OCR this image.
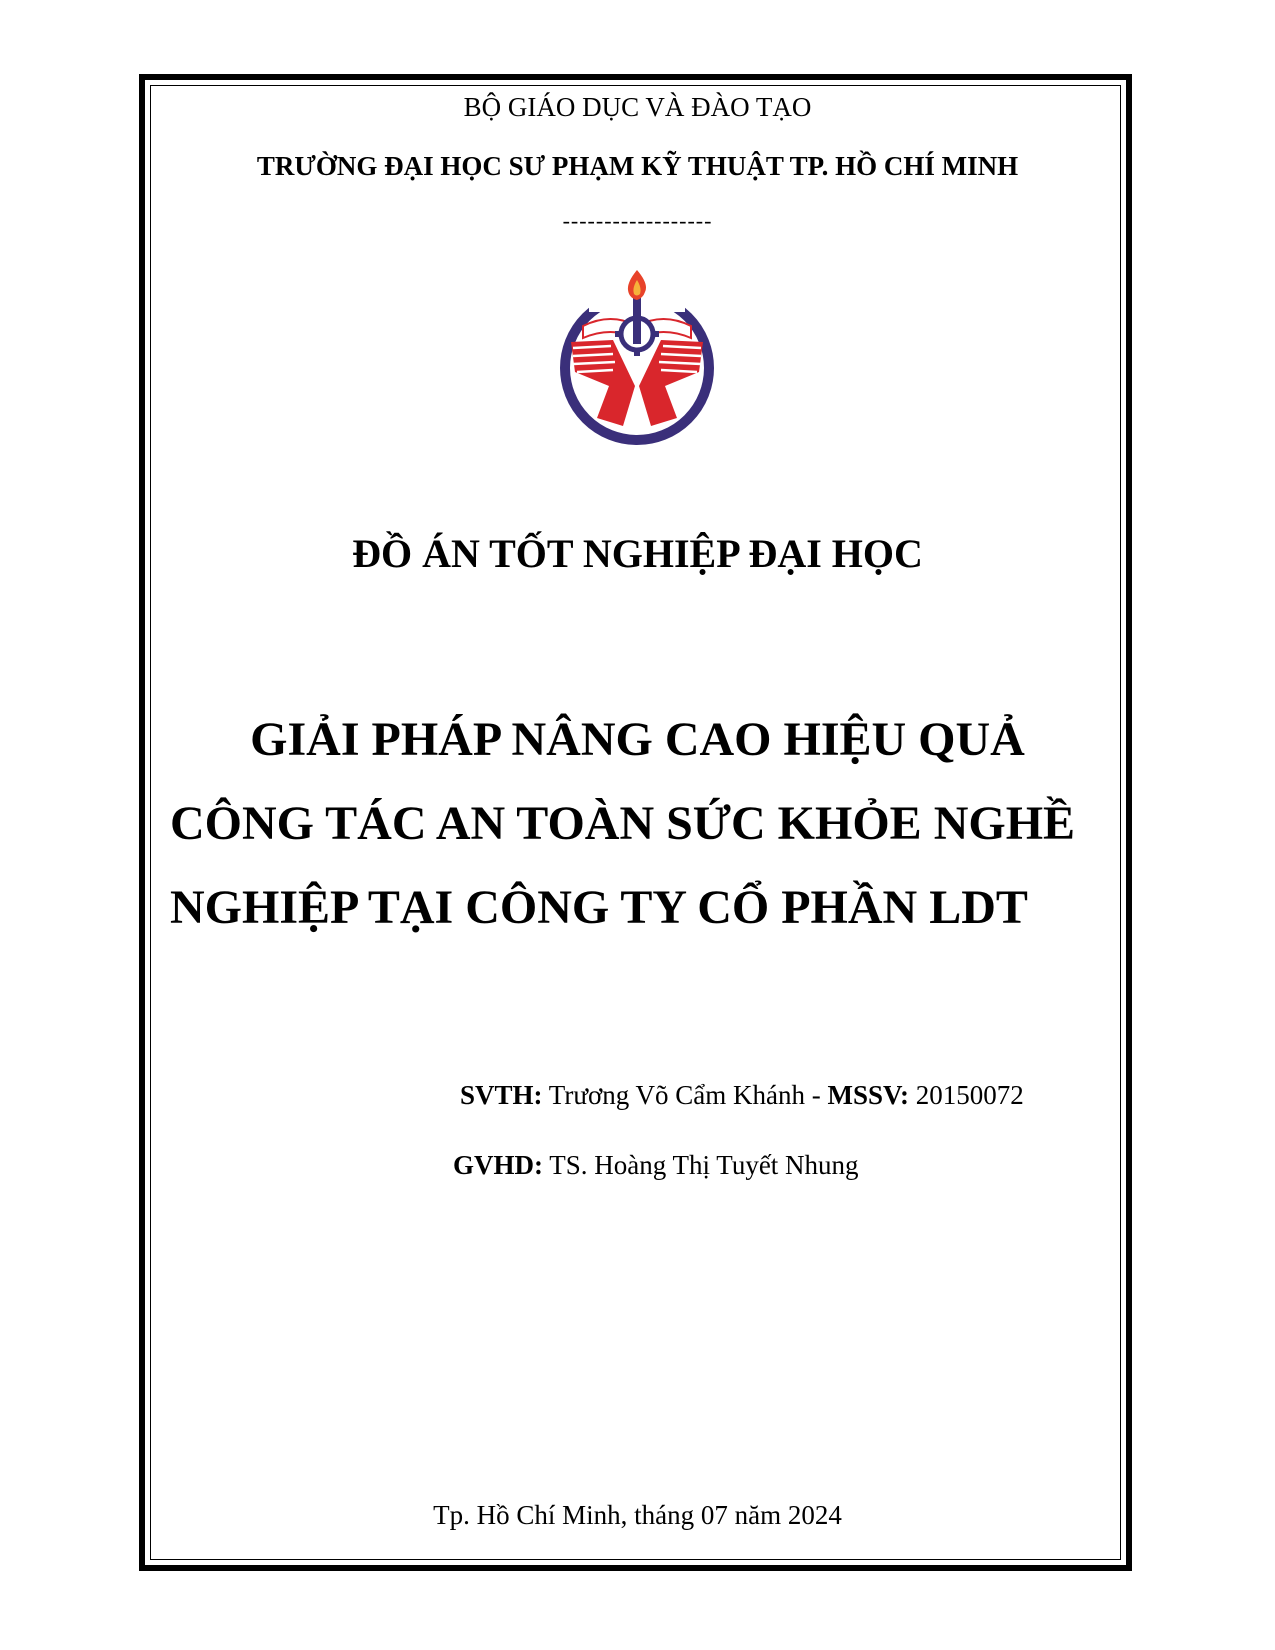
BỘ GIÁO DỤC VÀ ĐÀO TẠO
TRƯỜNG ĐẠI HỌC SƯ PHẠM KỸ THUẬT TP. HỒ CHÍ MINH
------------------
ĐỒ ÁN TỐT NGHIỆP ĐẠI HỌC
GIẢI PHÁP NÂNG CAO HIỆU QUẢ
CÔNG TÁC AN TOÀN SỨC KHỎE NGHỀ
NGHIỆP TẠI CÔNG TY CỔ PHẦN LDT
SVTH: Trương Võ Cẩm Khánh - MSSV: 20150072
GVHD: TS. Hoàng Thị Tuyết Nhung
Tp. Hồ Chí Minh, tháng 07 năm 2024
